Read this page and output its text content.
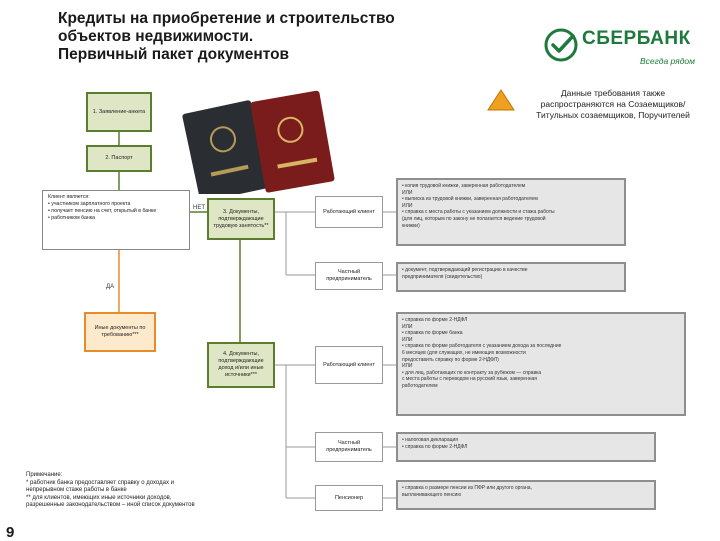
Кредиты на приобретение и строительство
объектов недвижимости.
Первичный пакет документов
СБЕРБАНК
Всегда рядом
Данные требования также распространяются на Созаемщиков/ Титульных созаемщиков, Поручителей
1. Заявление-анкета
2. Паспорт
Клиент является:
• участником зарплатного проекта
• получает пенсию на счет, открытый в банке
• работником банка
НЕТ
ДА
3. Документы, подтверждающие трудовую занятость**
Иные документы по требованию***
4. Документы, подтверждающие доход и/или иные источники***
Работающий клиент
Частный предприниматель
Работающий клиент
Частный предприниматель
Пенсионер
• копия трудовой книжки, заверенная работодателем
ИЛИ
• выписка из трудовой книжки, заверенная работодателем
ИЛИ
• справка с места работы с указанием должности и стажа работы
(для лиц, которым по закону не полагается ведение трудовой
книжки)
• документ, подтверждающий регистрацию в качестве
предпринимателя (свидетельство)
• справка по форме 2-НДФЛ
ИЛИ
• справка по форме банка
ИЛИ
• справка по форме работодателя с указанием дохода за последние
6 месяцев (для служащих, не имеющих возможности
предоставить справку по форме 2-НДФЛ)
ИЛИ
• для лиц, работающих по контракту за рубежом — справка
с места работы с переводом на русский язык, заверенная
работодателем
• налоговая декларация
• справка по форме 2-НДФЛ
• справка о размере пенсии из ПФР или другого органа,
выплачивающего пенсию
Примечание:
* работник банка предоставляет справку о доходах и
непрерывном стаже работы в банке
** для клиентов, имеющих иные источники доходов,
разрешенные законодательством – иной список документов
9
